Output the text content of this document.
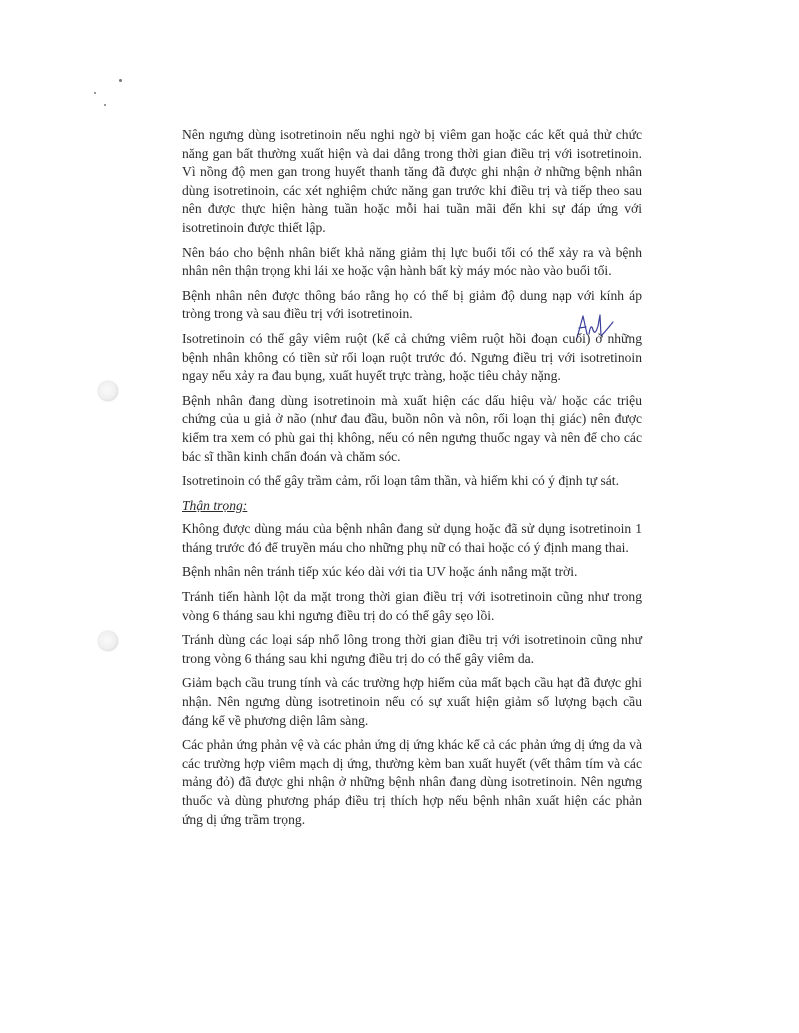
Nên ngưng dùng isotretinoin nếu nghi ngờ bị viêm gan hoặc các kết quả thử chức năng gan bất thường xuất hiện và dai dẳng trong thời gian điều trị với isotretinoin. Vì nồng độ men gan trong huyết thanh tăng đã được ghi nhận ở những bệnh nhân dùng isotretinoin, các xét nghiệm chức năng gan trước khi điều trị và tiếp theo sau nên được thực hiện hàng tuần hoặc mỗi hai tuần mãi đến khi sự đáp ứng với isotretinoin được thiết lập.

Nên báo cho bệnh nhân biết khả năng giảm thị lực buổi tối có thể xảy ra và bệnh nhân nên thận trọng khi lái xe hoặc vận hành bất kỳ máy móc nào vào buổi tối.

Bệnh nhân nên được thông báo rằng họ có thể bị giảm độ dung nạp với kính áp tròng trong và sau điều trị với isotretinoin.

Isotretinoin có thể gây viêm ruột (kể cả chứng viêm ruột hồi đoạn cuối) ở những bệnh nhân không có tiền sử rối loạn ruột trước đó. Ngưng điều trị với isotretinoin ngay nếu xảy ra đau bụng, xuất huyết trực tràng, hoặc tiêu chảy nặng.

Bệnh nhân đang dùng isotretinoin mà xuất hiện các dấu hiệu và/ hoặc các triệu chứng của u giả ở não (như đau đầu, buồn nôn và nôn, rối loạn thị giác) nên được kiểm tra xem có phù gai thị không, nếu có nên ngưng thuốc ngay và nên để cho các bác sĩ thần kinh chẩn đoán và chăm sóc.

Isotretinoin có thể gây trầm cảm, rối loạn tâm thần, và hiếm khi có ý định tự sát.

Thận trọng:

Không được dùng máu của bệnh nhân đang sử dụng hoặc đã sử dụng isotretinoin 1 tháng trước đó để truyền máu cho những phụ nữ có thai hoặc có ý định mang thai.

Bệnh nhân nên tránh tiếp xúc kéo dài với tia UV hoặc ánh nắng mặt trời.

Tránh tiến hành lột da mặt trong thời gian điều trị với isotretinoin cũng như trong vòng 6 tháng sau khi ngưng điều trị do có thể gây sẹo lồi.

Tránh dùng các loại sáp nhổ lông trong thời gian điều trị với isotretinoin cũng như trong vòng 6 tháng sau khi ngưng điều trị do có thể gây viêm da.

Giảm bạch cầu trung tính và các trường hợp hiếm của mất bạch cầu hạt đã được ghi nhận. Nên ngưng dùng isotretinoin nếu có sự xuất hiện giảm số lượng bạch cầu đáng kể về phương diện lâm sàng.

Các phản ứng phản vệ và các phản ứng dị ứng khác kể cả các phản ứng dị ứng da và các trường hợp viêm mạch dị ứng, thường kèm ban xuất huyết (vết thâm tím và các mảng đỏ) đã được ghi nhận ở những bệnh nhân đang dùng isotretinoin. Nên ngưng thuốc và dùng phương pháp điều trị thích hợp nếu bệnh nhân xuất hiện các phản ứng dị ứng trầm trọng.
